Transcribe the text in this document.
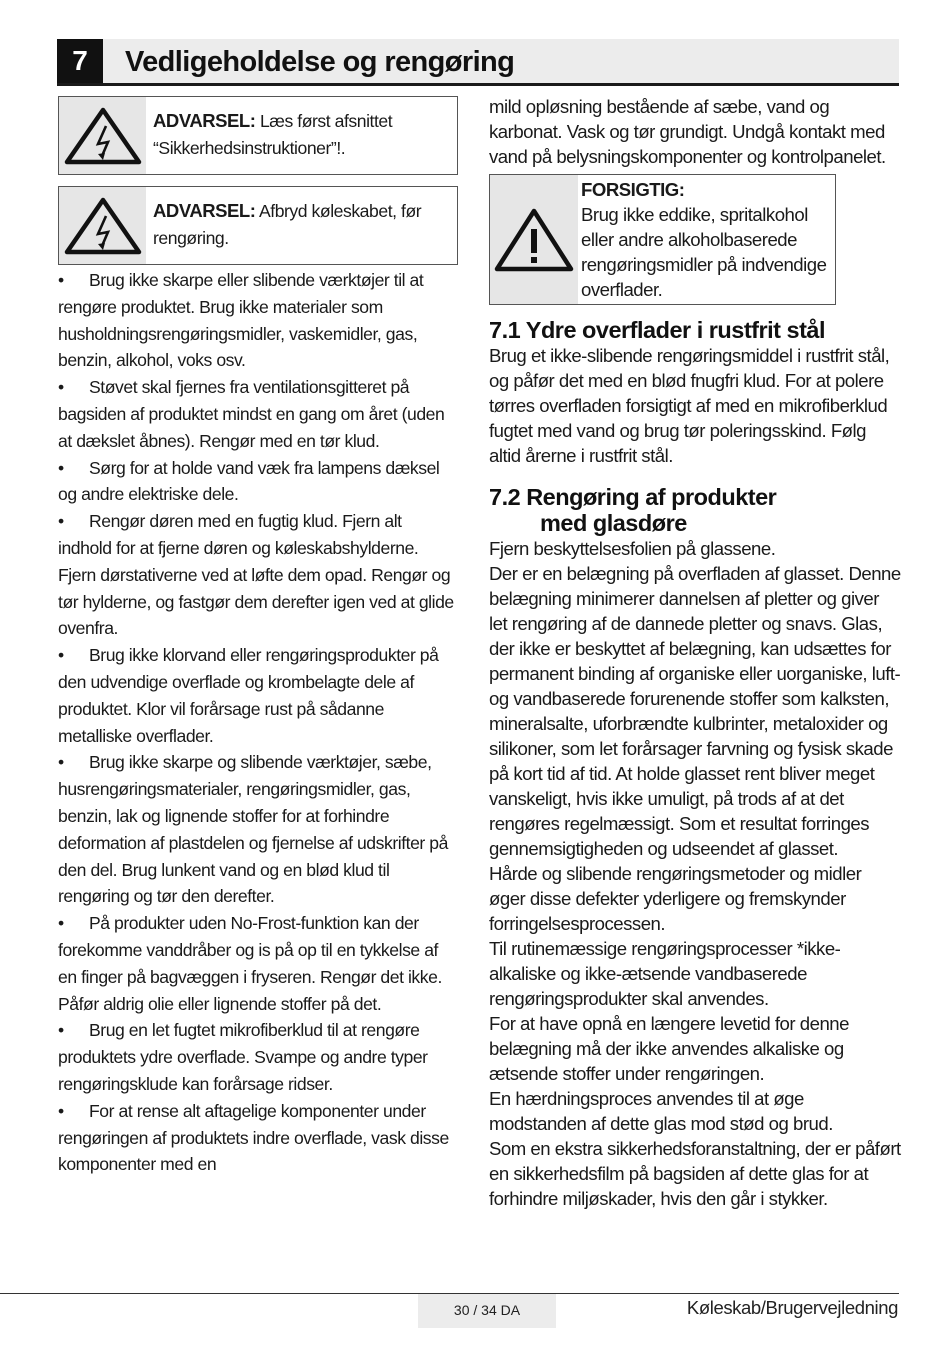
7	Vedligeholdelse og rengøring
ADVARSEL: Læs først afsnittet “Sikkerhedsinstruktioner”!.
ADVARSEL: Afbryd køleskabet, før rengøring.
• Brug ikke skarpe eller slibende værktøjer til at rengøre produktet. Brug ikke materialer som husholdningsrengøringsmidler, vaskemidler, gas, benzin, alkohol, voks osv.
• Støvet skal fjernes fra ventilationsgitteret på bagsiden af produktet mindst en gang om året (uden at dækslet åbnes). Rengør med en tør klud.
• Sørg for at holde vand væk fra lampens dæksel og andre elektriske dele.
• Rengør døren med en fugtig klud. Fjern alt indhold for at fjerne døren og køleskabshylderne. Fjern dørstativerne ved at løfte dem opad. Rengør og tør hylderne, og fastgør dem derefter igen ved at glide ovenfra.
• Brug ikke klorvand eller rengøringsprodukter på den udvendige overflade og krombelagte dele af produktet. Klor vil forårsage rust på sådanne metalliske overflader.
• Brug ikke skarpe og slibende værktøjer, sæbe, husrengøringsmaterialer, rengøringsmidler, gas, benzin, lak og lignende stoffer for at forhindre deformation af plastdelen og fjernelse af udskrifter på den del. Brug lunkent vand og en blød klud til rengøring og tør den derefter.
• På produkter uden No-Frost-funktion kan der forekomme vanddråber og is på op til en tykkelse af en finger på bagvæggen i fryseren. Rengør det ikke. Påfør aldrig olie eller lignende stoffer på det.
• Brug en let fugtet mikrofiberklud til at rengøre produktets ydre overflade. Svampe og andre typer rengøringsklude kan forårsage ridser.
• For at rense alt aftagelige komponenter under rengøringen af produktets indre overflade, vask disse komponenter med en

mild opløsning bestående af sæbe, vand og karbonat. Vask og tør grundigt. Undgå kontakt med vand på belysningskomponenter og kontrolpanelet.

FORSIGTIG:
Brug ikke eddike, spritalkohol eller andre alkoholbaserede rengøringsmidler på indvendige overflader.
7.1 Ydre overflader i rustfrit stål

Brug et ikke-slibende rengøringsmiddel i rustfrit stål, og påfør det med en blød fnugfri klud. For at polere tørres overfladen forsigtigt af med en mikrofiberklud fugtet med vand og brug tør poleringsskind. Følg altid årerne i rustfrit stål.

7.2 Rengøring af produkter
med glasdøre

Fjern beskyttelsesfolien på glassene.

Der er en belægning på overfladen af glasset. Denne belægning minimerer dannelsen af pletter og giver let rengøring af de dannede pletter og snavs. Glas, der ikke er beskyttet af belægning, kan udsættes for permanent binding af organiske eller uorganiske, luft- og vandbaserede forurenende stoffer som kalksten, mineralsalte, uforbrændte kulbrinter, metaloxider og silikoner, som let forårsager farvning og fysisk skade på kort tid af tid. At holde glasset rent bliver meget vanskeligt, hvis ikke umuligt, på trods af at det rengøres regelmæssigt. Som et resultat forringes gennemsigtigheden og udseendet af glasset.

Hårde og slibende rengøringsmetoder og midler øger disse defekter yderligere og fremskynder forringelsesprocessen.

Til rutinemæssige rengøringsprocesser *ikke-alkaliske og ikke-ætsende vandbaserede rengøringsprodukter skal anvendes.

For at have opnå en længere levetid for denne belægning må der ikke anvendes alkaliske og ætsende stoffer under rengøringen.

En hærdningsproces anvendes til at øge modstanden af dette glas mod stød og brud.

Som en ekstra sikkerhedsforanstaltning, der er påført en sikkerhedsfilm på bagsiden af dette glas for at forhindre miljøskader, hvis den går i stykker.

30 / 34 DA	Køleskab/Brugervejledning
